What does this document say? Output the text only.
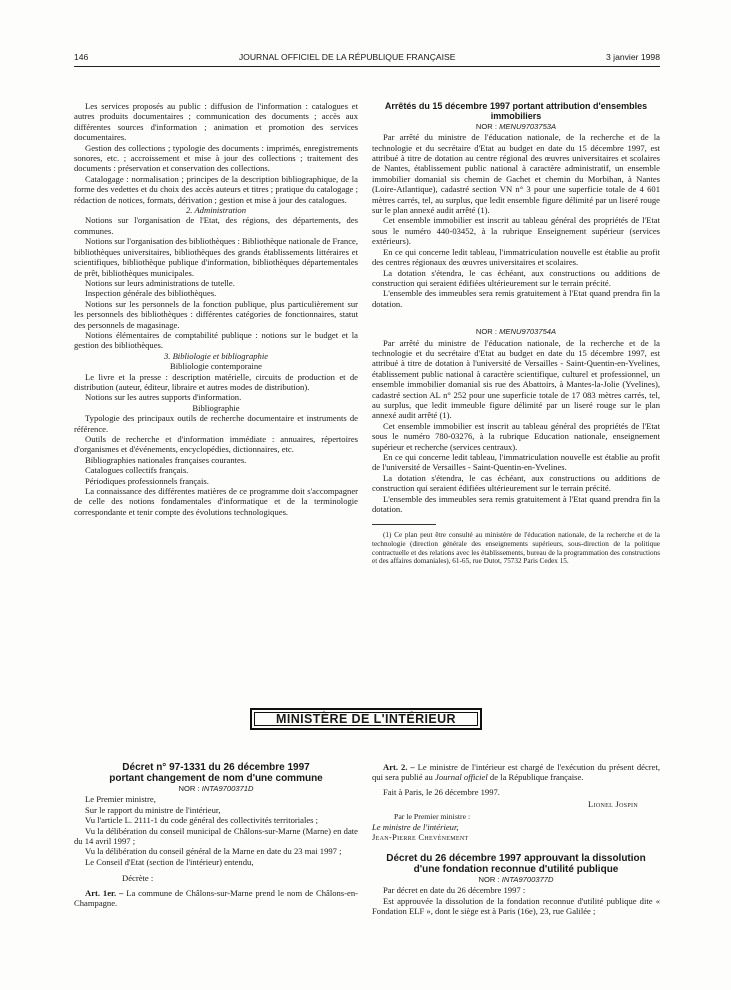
146	JOURNAL OFFICIEL DE LA RÉPUBLIQUE FRANÇAISE	3 janvier 1998

Les services proposés au public : diffusion de l'information : catalogues et autres produits documentaires ; communication des documents ; accès aux différentes sources d'information ; animation et promotion des services documentaires.

Gestion des collections ; typologie des documents : imprimés, enregistrements sonores, etc. ; accroissement et mise à jour des collections ; traitement des documents : préservation et conservation des collections.

Catalogage : normalisation ; principes de la description bibliographique, de la forme des vedettes et du choix des accès auteurs et titres ; pratique du catalogage ; rédaction de notices, formats, dérivation ; gestion et mise à jour des catalogues.

2. Administration

Notions sur l'organisation de l'Etat, des régions, des départements, des communes.

Notions sur l'organisation des bibliothèques : Bibliothèque nationale de France, bibliothèques universitaires, bibliothèques des grands établissements littéraires et scientifiques, bibliothèque publique d'information, bibliothèques départementales de prêt, bibliothèques municipales.

Notions sur leurs administrations de tutelle.

Inspection générale des bibliothèques.

Notions sur les personnels de la fonction publique, plus particulièrement sur les personnels des bibliothèques : différentes catégories de fonctionnaires, statut des personnels de magasinage.

Notions élémentaires de comptabilité publique : notions sur le budget et la gestion des bibliothèques.

3. Bibliologie et bibliographie

Bibliologie contemporaine

Le livre et la presse : description matérielle, circuits de production et de distribution (auteur, éditeur, libraire et autres modes de distribution).

Notions sur les autres supports d'information.

Bibliographie

Typologie des principaux outils de recherche documentaire et instruments de référence.

Outils de recherche et d'information immédiate : annuaires, répertoires d'organismes et d'événements, encyclopédies, dictionnaires, etc.

Bibliographies nationales françaises courantes.

Catalogues collectifs français.

Périodiques professionnels français.

La connaissance des différentes matières de ce programme doit s'accompagner de celle des notions fondamentales d'informatique et de la terminologie correspondante et tenir compte des évolutions technologiques.

Arrêtés du 15 décembre 1997 portant attribution d'ensembles immobiliers

NOR : MENU9703753A

Par arrêté du ministre de l'éducation nationale, de la recherche et de la technologie et du secrétaire d'Etat au budget en date du 15 décembre 1997, est attribué à titre de dotation au centre régional des œuvres universitaires et scolaires de Nantes, établissement public national à caractère administratif, un ensemble immobilier domanial sis chemin de Gachet et chemin du Morbihan, à Nantes (Loire-Atlantique), cadastré section VN n° 3 pour une superficie totale de 4 601 mètres carrés, tel, au surplus, que ledit ensemble figure délimité par un liseré rouge sur le plan annexé audit arrêté (1).

Cet ensemble immobilier est inscrit au tableau général des propriétés de l'Etat sous le numéro 440-03452, à la rubrique Enseignement supérieur (services extérieurs).

En ce qui concerne ledit tableau, l'immatriculation nouvelle est établie au profit des centres régionaux des œuvres universitaires et scolaires.

La dotation s'étendra, le cas échéant, aux constructions ou additions de construction qui seraient édifiées ultérieurement sur le terrain précité.

L'ensemble des immeubles sera remis gratuitement à l'Etat quand prendra fin la dotation.

NOR : MENU9703754A

Par arrêté du ministre de l'éducation nationale, de la recherche et de la technologie et du secrétaire d'Etat au budget en date du 15 décembre 1997, est attribué à titre de dotation à l'université de Versailles - Saint-Quentin-en-Yvelines, établissement public national à caractère scientifique, culturel et professionnel, un ensemble immobilier domanial sis rue des Abattoirs, à Mantes-la-Jolie (Yvelines), cadastré section AL n° 252 pour une superficie totale de 17 083 mètres carrés, tel, au surplus, que ledit immeuble figure délimité par un liseré rouge sur le plan annexé audit arrêté (1).

Cet ensemble immobilier est inscrit au tableau général des propriétés de l'Etat sous le numéro 780-03276, à la rubrique Education nationale, enseignement supérieur et recherche (services centraux).

En ce qui concerne ledit tableau, l'immatriculation nouvelle est établie au profit de l'université de Versailles - Saint-Quentin-en-Yvelines.

La dotation s'étendra, le cas échéant, aux constructions ou additions de construction qui seraient édifiées ultérieurement sur le terrain précité.

L'ensemble des immeubles sera remis gratuitement à l'Etat quand prendra fin la dotation.

(1) Ce plan peut être consulté au ministère de l'éducation nationale, de la recherche et de la technologie (direction générale des enseignements supérieurs, sous-direction de la politique contractuelle et des relations avec les établissements, bureau de la programmation des constructions et des affaires domaniales), 61-65, rue Dutot, 75732 Paris Cedex 15.

MINISTÈRE DE L'INTÉRIEUR
Décret n° 97-1331 du 26 décembre 1997
portant changement de nom d'une commune

NOR : INTA9700371D

Le Premier ministre,

Sur le rapport du ministre de l'intérieur,

Vu l'article L. 2111-1 du code général des collectivités territoriales ;

Vu la délibération du conseil municipal de Châlons-sur-Marne (Marne) en date du 14 avril 1997 ;

Vu la délibération du conseil général de la Marne en date du 23 mai 1997 ;

Le Conseil d'Etat (section de l'intérieur) entendu,

Décrète :

Art. 1er. – La commune de Châlons-sur-Marne prend le nom de Châlons-en-Champagne.

Art. 2. – Le ministre de l'intérieur est chargé de l'exécution du présent décret, qui sera publié au Journal officiel de la République française.

Fait à Paris, le 26 décembre 1997.

Lionel Jospin

Par le Premier ministre :

Le ministre de l'intérieur,

Jean-Pierre Chevènement

Décret du 26 décembre 1997 approuvant la dissolution
d'une fondation reconnue d'utilité publique

NOR : INTA9700377D

Par décret en date du 26 décembre 1997 :

Est approuvée la dissolution de la fondation reconnue d'utilité publique dite « Fondation ELF », dont le siège est à Paris (16e), 23, rue Galilée ;
